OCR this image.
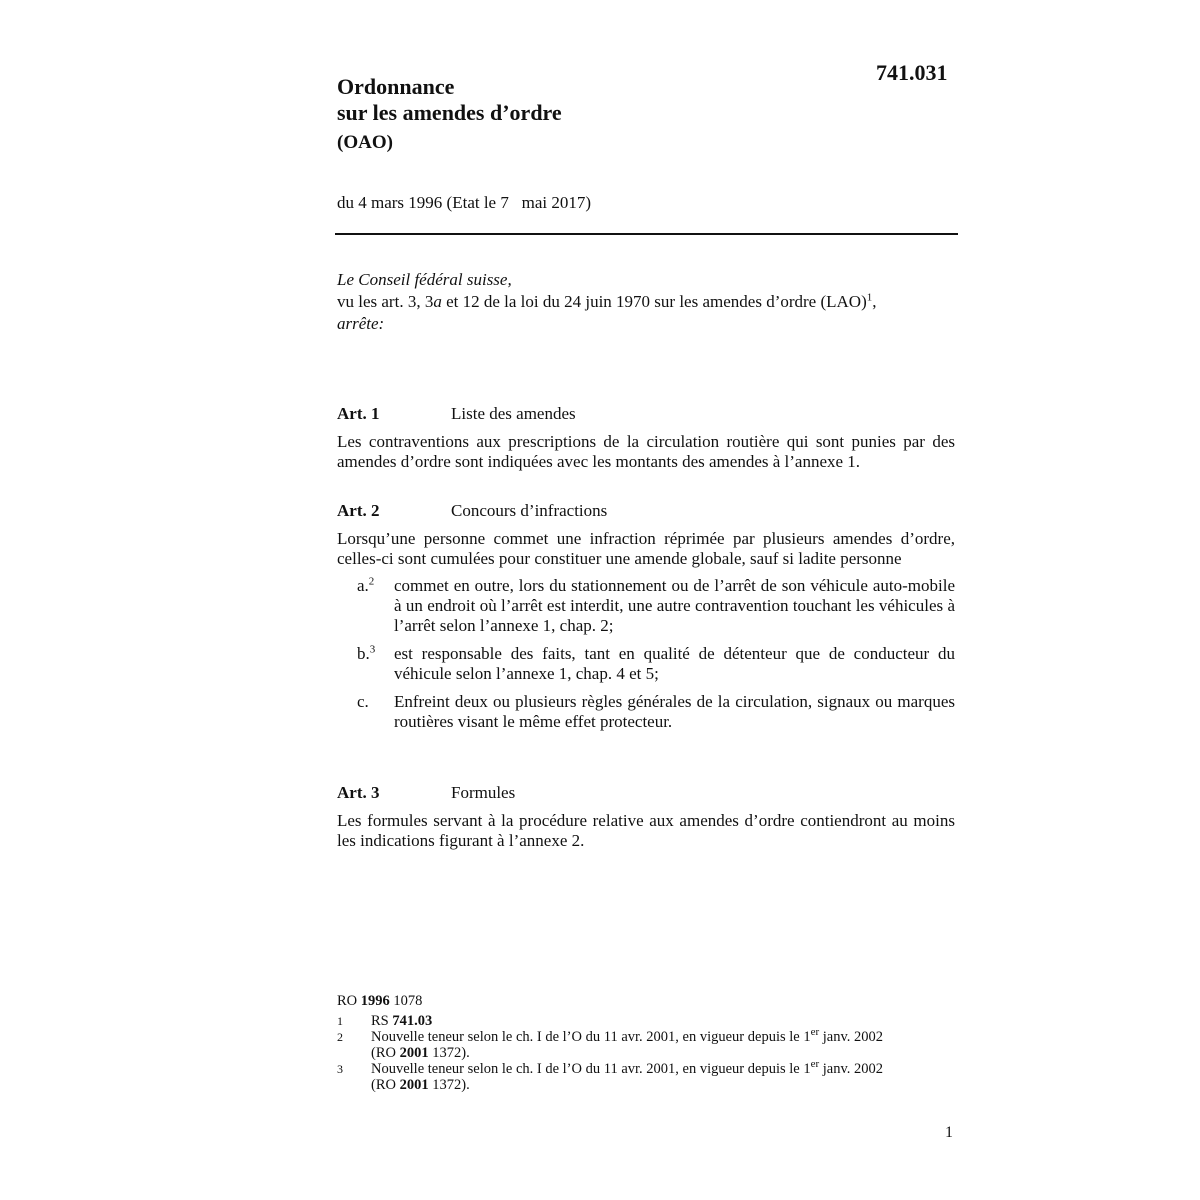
741.031
Ordonnance
sur les amendes d’ordre
(OAO)
du 4 mars 1996 (Etat le 7   mai 2017)
Le Conseil fédéral suisse,
vu les art. 3, 3a et 12 de la loi du 24 juin 1970 sur les amendes d’ordre (LAO)$^1$,
arrête:
Art. 1	Liste des amendes
Les contraventions aux prescriptions de la circulation routière qui sont punies par des amendes d’ordre sont indiquées avec les montants des amendes à l’annexe 1.
Art. 2	Concours d’infractions
Lorsqu’une personne commet une infraction réprimée par plusieurs amendes d’ordre, celles-ci sont cumulées pour constituer une amende globale, sauf si ladite personne
a.$^2$	commet en outre, lors du stationnement ou de l’arrêt de son véhicule auto-mobile à un endroit où l’arrêt est interdit, une autre contravention touchant les véhicules à l’arrêt selon l’annexe 1, chap. 2;
b.$^3$	est responsable des faits, tant en qualité de détenteur que de conducteur du véhicule selon l’annexe 1, chap. 4 et 5;
c.	Enfreint deux ou plusieurs règles générales de la circulation, signaux ou marques routières visant le même effet protecteur.
Art. 3	Formules
Les formules servant à la procédure relative aux amendes d’ordre contiendront au moins les indications figurant à l’annexe 2.
RO 1996 1078
1	RS 741.03
2	Nouvelle teneur selon le ch. I de l’O du 11 avr. 2001, en vigueur depuis le 1er janv. 2002
(RO 2001 1372).
3	Nouvelle teneur selon le ch. I de l’O du 11 avr. 2001, en vigueur depuis le 1er janv. 2002
(RO 2001 1372).
1
